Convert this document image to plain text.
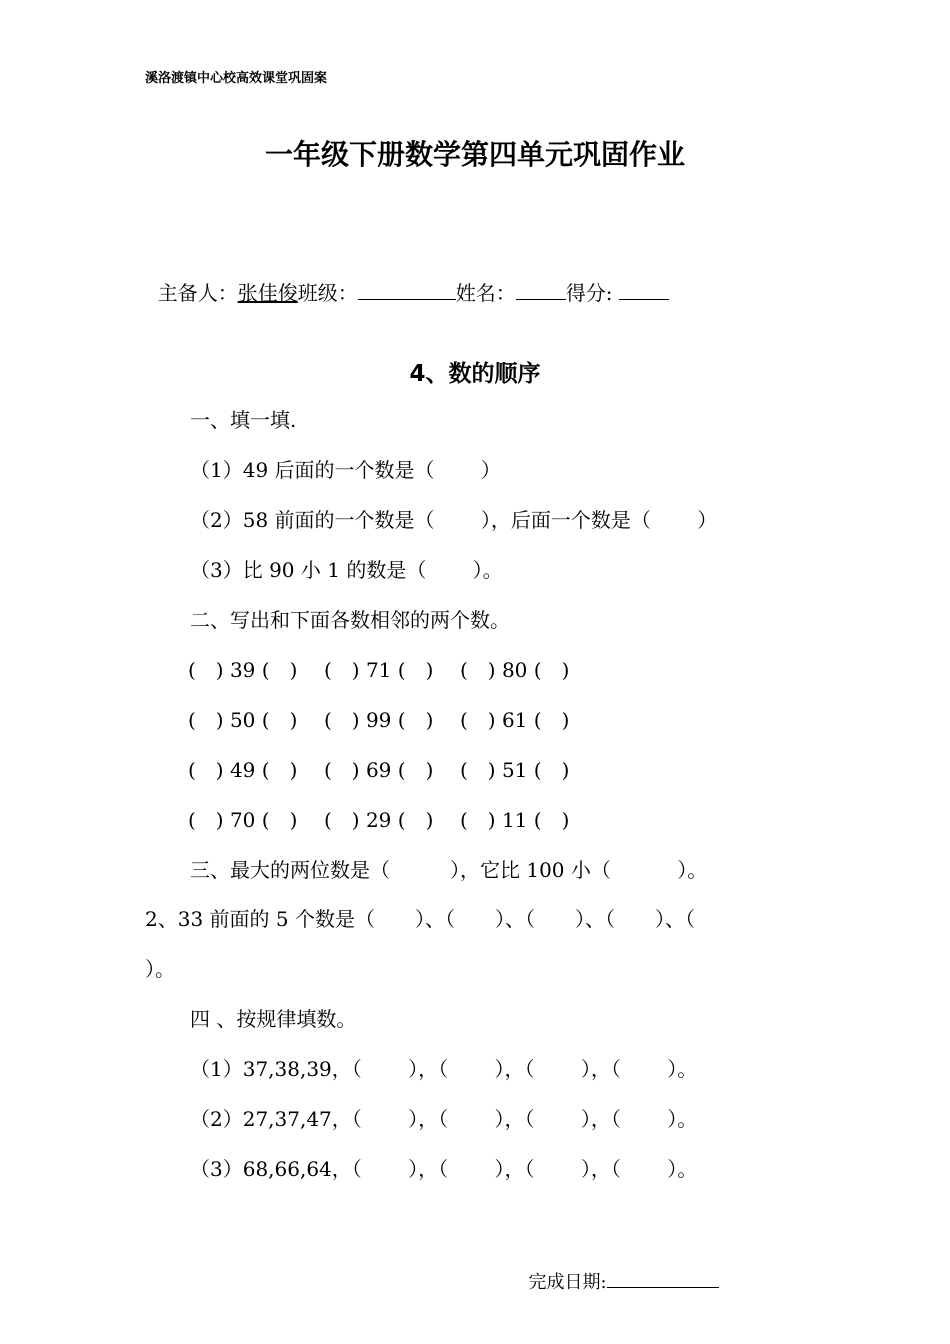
溪洛渡镇中心校高效课堂巩固案
一年级下册数学第四单元巩固作业

主备人：张佳俊班级：	姓名：	得分:

4、数的顺序
一、填一填.
（1）49 后面的一个数是（　　 ）
（2）58 前面的一个数是（　　 ），后面一个数是（　　 ）
（3）比 90 小 1 的数是（　　 ）。
二、写出和下面各数相邻的两个数。
(　) 39 (　) (　) 71 (　) (　) 80 (　)
(　) 50 (　) (　) 99 (　) (　) 61 (　)
(　) 49 (　) (　) 69 (　) (　) 51 (　)
(　) 70 (　) (　) 29 (　) (　) 11 (　)
三、最大的两位数是（　　　），它比 100 小（　　　 ）。
2、33 前面的 5 个数是（　　）、（　　）、（　　）、（　　）、（
）。
四 、按规律填数。
（1）37,38,39，（　　 ），（　　 ），（　　 ），（　　 ）。
（2）27,37,47，（　　 ），（　　 ），（　　 ），（　　 ）。
（3）68,66,64，（　　 ），（　　 ），（　　 ），（　　 ）。

完成日期:
